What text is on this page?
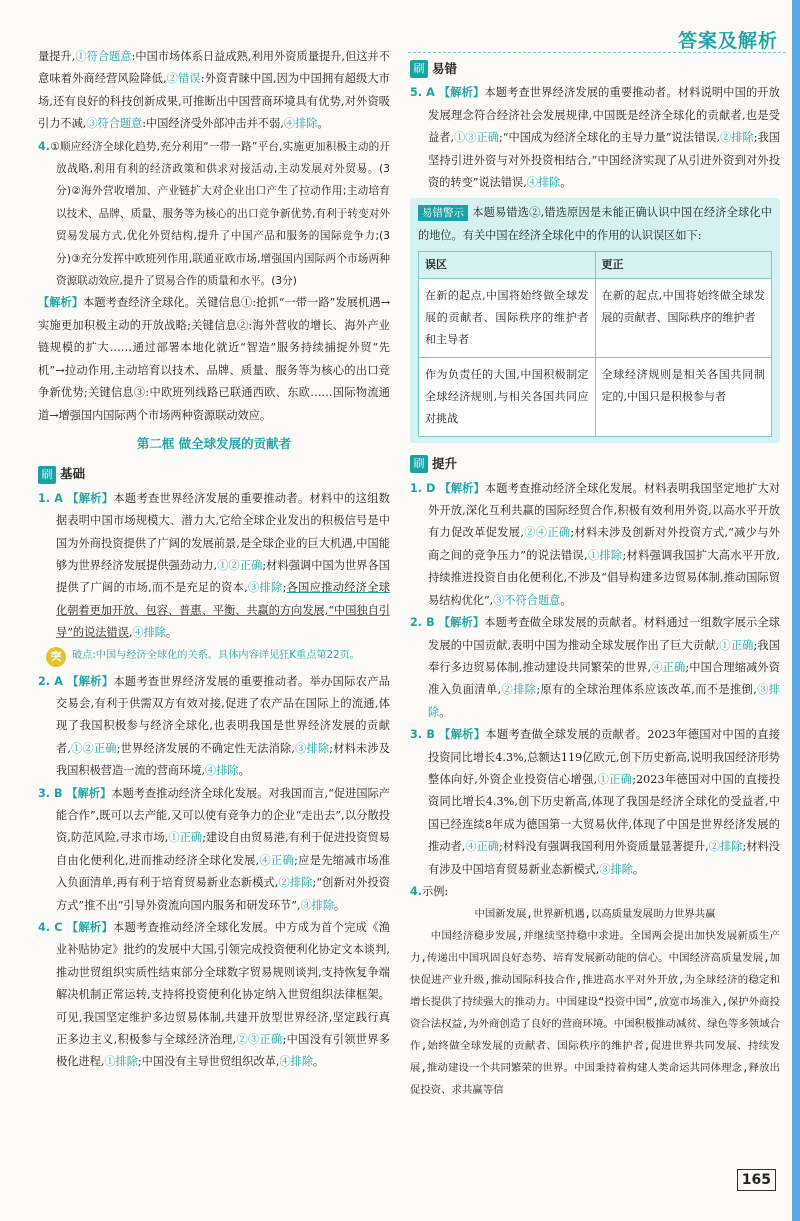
答案及解析

量提升,①符合题意:中国市场体系日益成熟,利用外资质量提升,但这并不意味着外商经营风险降低,②错误:外资青睐中国,因为中国拥有超级大市场,还有良好的科技创新成果,可推断出中国营商环境具有优势,对外资吸引力不减,③符合题意:中国经济受外部冲击并不弱,④排除。

4.①顺应经济全球化趋势,充分利用“一带一路”平台,实施更加积极主动的开放战略,利用有利的经济政策和供求对接活动,主动发展对外贸易。(3分)②海外营收增加、产业链扩大对企业出口产生了拉动作用;主动培育以技术、品牌、质量、服务等为核心的出口竞争新优势,有利于转变对外贸易发展方式,优化外贸结构,提升了中国产品和服务的国际竞争力;(3分)③充分发挥中欧班列作用,联通亚欧市场,增强国内国际两个市场两种资源联动效应,提升了贸易合作的质量和水平。(3分)

【解析】本题考查经济全球化。关键信息①:抢抓“一带一路”发展机遇→实施更加积极主动的开放战略;关键信息②:海外营收的增长、海外产业链规模的扩大……通过部署本地化就近“智造”服务持续捕捉外贸“先机”→拉动作用,主动培育以技术、品牌、质量、服务等为核心的出口竞争新优势;关键信息③:中欧班列线路已联通西欧、东欧……国际物流通道→增强国内国际两个市场两种资源联动效应。

第二框 做全球发展的贡献者
刷 基础

1. A 【解析】本题考查世界经济发展的重要推动者。材料中的这组数据表明中国市场规模大、潜力大,它给全球企业发出的积极信号是中国为外商投资提供了广阔的发展前景,是全球企业的巨大机遇,中国能够为世界经济发展提供强劲动力,①②正确;材料强调中国为世界各国提供了广阔的市场,而不是充足的资本,③排除;各国应推动经济全球化朝着更加开放、包容、普惠、平衡、共赢的方向发展,“中国独自引导”的说法错误,④排除。

突	破点:中国与经济全球化的关系。具体内容详见狂K重点第22页。

2. A 【解析】本题考查世界经济发展的重要推动者。举办国际农产品交易会,有利于供需双方有效对接,促进了农产品在国际上的流通,体现了我国积极参与经济全球化,也表明我国是世界经济发展的贡献者,①②正确;世界经济发展的不确定性无法消除,③排除;材料未涉及我国积极营造一流的营商环境,④排除。

3. B 【解析】本题考查推动经济全球化发展。对我国而言,“促进国际产能合作”,既可以去产能,又可以使有竞争力的企业“走出去”,以分散投资,防范风险,寻求市场,①正确;建设自由贸易港,有利于促进投资贸易自由化便利化,进而推动经济全球化发展,④正确;应是先缩减市场准入负面清单,再有利于培育贸易新业态新模式,②排除;“创新对外投资方式”推不出“引导外资流向国内服务和研发环节”,③排除。

4. C 【解析】本题考查推动经济全球化发展。中方成为首个完成《渔业补贴协定》批约的发展中大国,引领完成投资便利化协定文本谈判,推动世贸组织实质性结束部分全球数字贸易规则谈判,支持恢复争端解决机制正常运转,支持将投资便利化协定纳入世贸组织法律框架。可见,我国坚定维护多边贸易体制,共建开放型世界经济,坚定践行真正多边主义,积极参与全球经济治理,②③正确;中国没有引领世界多极化进程,①排除;中国没有主导世贸组织改革,④排除。

刷 易错

5. A 【解析】本题考查世界经济发展的重要推动者。材料说明中国的开放发展理念符合经济社会发展规律,中国既是经济全球化的贡献者,也是受益者,①③正确;“中国成为经济全球化的主导力量”说法错误,②排除;我国坚持引进外资与对外投资相结合,“中国经济实现了从引进外资到对外投资的转变”说法错误,④排除。

易错警示 本题易错选②,错选原因是未能正确认识中国在经济全球化中的地位。有关中国在经济全球化中的作用的认识误区如下:

误区	更正
在新的起点,中国将始终做全球发展的贡献者、国际秩序的维护者和主导者	在新的起点,中国将始终做全球发展的贡献者、国际秩序的维护者
作为负责任的大国,中国积极制定全球经济规则,与相关各国共同应对挑战	全球经济规则是相关各国共同制定的,中国只是积极参与者
刷 提升

1. D 【解析】本题考查推动经济全球化发展。材料表明我国坚定地扩大对外开放,深化互利共赢的国际经贸合作,积极有效利用外资,以高水平开放有力促改革促发展,②④正确;材料未涉及创新对外投资方式,“减少与外商之间的竞争压力”的说法错误,①排除;材料强调我国扩大高水平开放,持续推进投资自由化便利化,不涉及“倡导构建多边贸易体制,推动国际贸易结构优化”,③不符合题意。

2. B 【解析】本题考查做全球发展的贡献者。材料通过一组数字展示全球发展的中国贡献,表明中国为推动全球发展作出了巨大贡献,①正确;我国奉行多边贸易体制,推动建设共同繁荣的世界,④正确;中国合理缩减外资准入负面清单,②排除;原有的全球治理体系应该改革,而不是推倒,③排除。

3. B 【解析】本题考查做全球发展的贡献者。2023年德国对中国的直接投资同比增长4.3%,总额达119亿欧元,创下历史新高,说明我国经济形势整体向好,外资企业投资信心增强,①正确;2023年德国对中国的直接投资同比增长4.3%,创下历史新高,体现了我国是经济全球化的受益者,中国已经连续8年成为德国第一大贸易伙伴,体现了中国是世界经济发展的推动者,④正确;材料没有强调我国利用外资质量显著提升,②排除;材料没有涉及中国培育贸易新业态新模式,③排除。

4.示例:

中国新发展,世界新机遇,以高质量发展助力世界共赢

中国经济稳步发展,并继续坚持稳中求进。全国两会提出加快发展新质生产力,传递出中国巩固良好态势、培育发展新动能的信心。中国经济高质量发展,加快促进产业升级,推动国际科技合作,推进高水平对外开放,为全球经济的稳定和增长提供了持续强大的推动力。中国建设“投资中国”,放宽市场准入,保护外商投资合法权益,为外商创造了良好的营商环境。中国积极推动减贫、绿色等多领域合作,始终做全球发展的贡献者、国际秩序的维护者,促进世界共同发展、持续发展,推动建设一个共同繁荣的世界。中国秉持着构建人类命运共同体理念,释放出促投资、求共赢等信

165
